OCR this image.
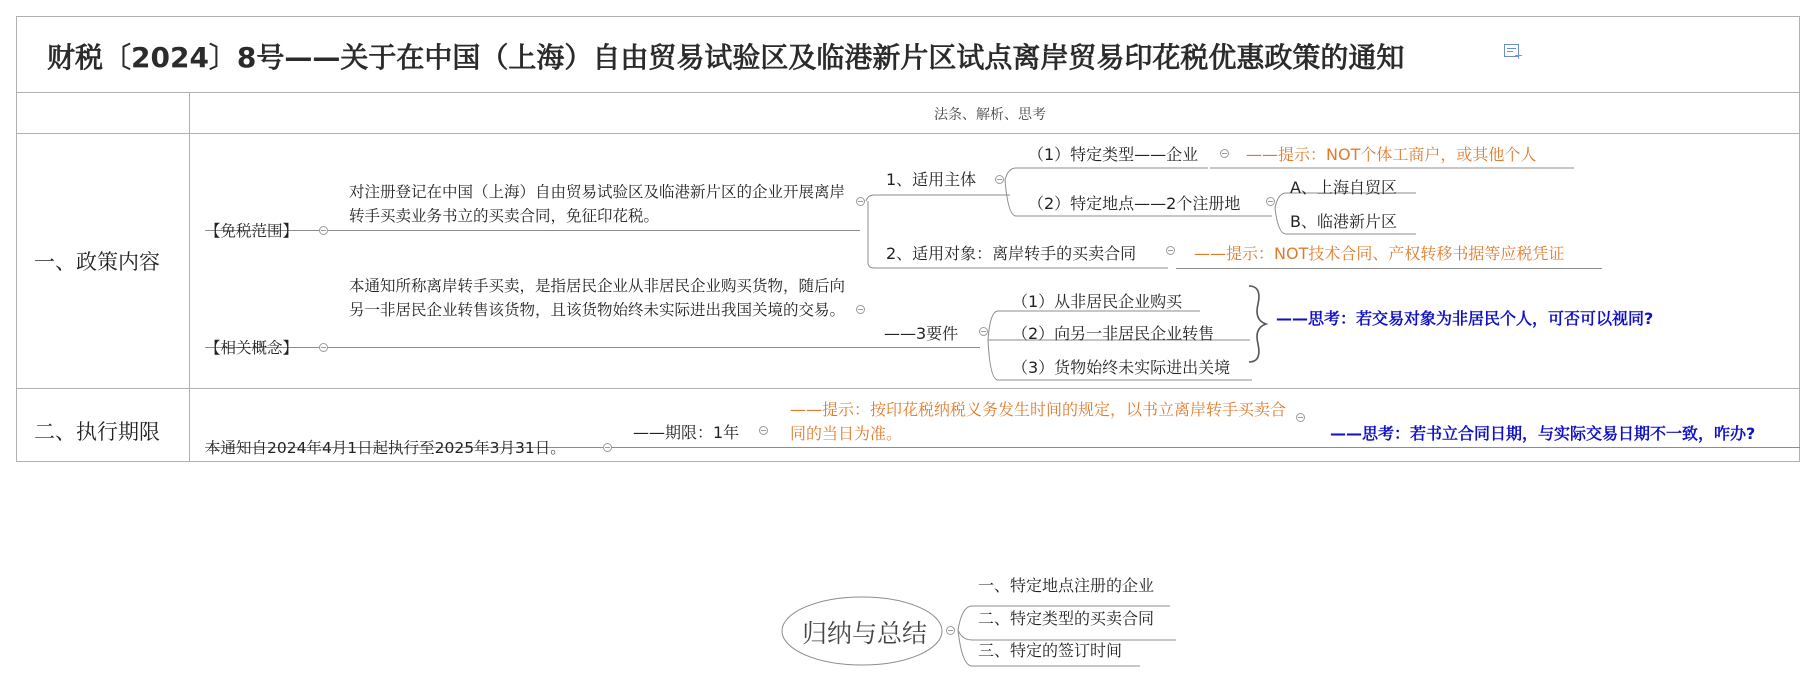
财税〔2024〕8号——关于在中国（上海）自由贸易试验区及临港新片区试点离岸贸易印花税优惠政策的通知	+
法条、解析、思考
一、政策内容
【免税范围】
对注册登记在中国（上海）自由贸易试验区及临港新片区的企业开展离岸转手买卖业务书立的买卖合同，免征印花税。
1、适用主体
（1）特定类型——企业	——提示：NOT个体工商户，或其他个人
（2）特定地点——2个注册地
A、上海自贸区
B、临港新片区
2、适用对象：离岸转手的买卖合同	——提示：NOT技术合同、产权转移书据等应税凭证
【相关概念】
本通知所称离岸转手买卖，是指居民企业从非居民企业购买货物，随后向另一非居民企业转售该货物，且该货物始终未实际进出我国关境的交易。
——3要件
（1）从非居民企业购买
（2）向另一非居民企业转售
（3）货物始终未实际进出关境
——思考：若交易对象为非居民个人，可否可以视同?
二、执行期限
本通知自2024年4月1日起执行至2025年3月31日。
——期限：1年
——提示：按印花税纳税义务发生时间的规定，以书立离岸转手买卖合同的当日为准。	——思考：若书立合同日期，与实际交易日期不一致，咋办?
归纳与总结
一、特定地点注册的企业
二、特定类型的买卖合同
三、特定的签订时间
